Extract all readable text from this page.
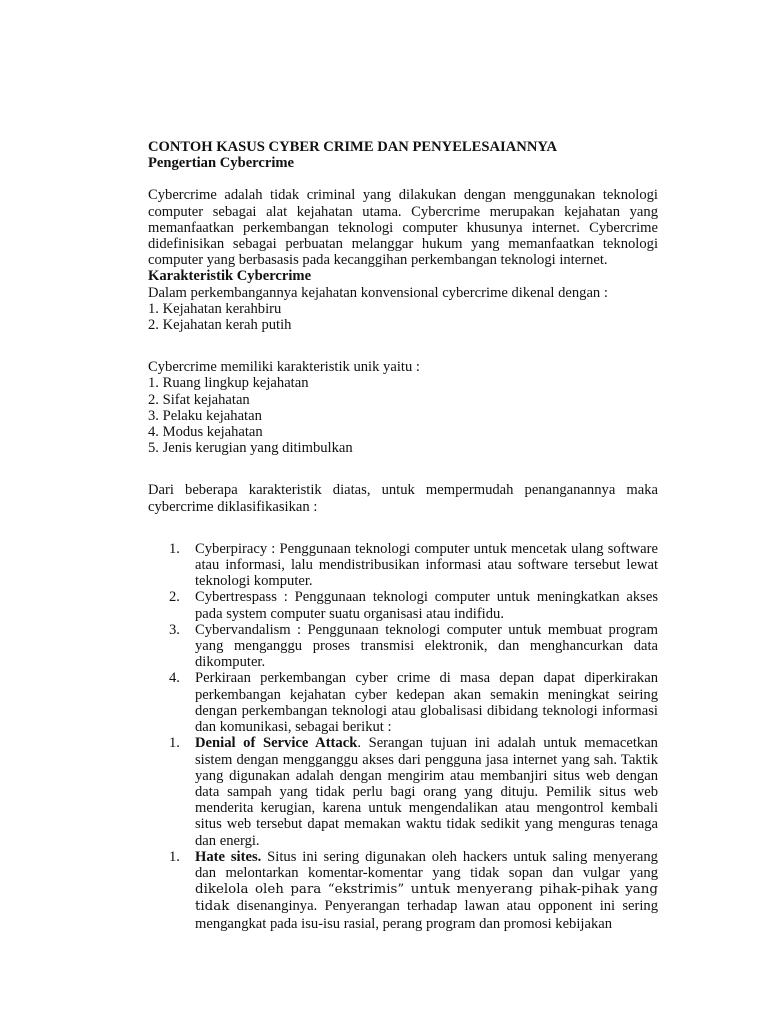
CONTOH KASUS CYBER CRIME DAN PENYELESAIANNYA

Pengertian Cybercrime

Cybercrime adalah tidak criminal yang dilakukan dengan menggunakan teknologi computer sebagai alat kejahatan utama. Cybercrime merupakan kejahatan yang memanfaatkan perkembangan teknologi computer khusunya internet. Cybercrime didefinisikan sebagai perbuatan melanggar hukum yang memanfaatkan teknologi computer yang berbasasis pada kecanggihan perkembangan teknologi internet.

Karakteristik Cybercrime

Dalam perkembangannya kejahatan konvensional cybercrime dikenal dengan :

1. Kejahatan kerahbiru

2. Kejahatan kerah putih

Cybercrime memiliki karakteristik unik yaitu :

1. Ruang lingkup kejahatan

2. Sifat kejahatan

3. Pelaku kejahatan

4. Modus kejahatan

5. Jenis kerugian yang ditimbulkan

Dari beberapa karakteristik diatas, untuk mempermudah penanganannya maka cybercrime diklasifikasikan :

1. Cyberpiracy : Penggunaan teknologi computer untuk mencetak ulang software atau informasi, lalu mendistribusikan informasi atau software tersebut lewat teknologi komputer.
2. Cybertrespass : Penggunaan teknologi computer untuk meningkatkan akses pada system computer suatu organisasi atau indifidu.
3. Cybervandalism : Penggunaan teknologi computer untuk membuat program yang menganggu proses transmisi elektronik, dan menghancurkan data dikomputer.
4. Perkiraan perkembangan cyber crime di masa depan dapat diperkirakan perkembangan kejahatan cyber kedepan akan semakin meningkat seiring dengan perkembangan teknologi atau globalisasi dibidang teknologi informasi dan komunikasi, sebagai berikut :
1. Denial of Service Attack. Serangan tujuan ini adalah untuk memacetkan sistem dengan mengganggu akses dari pengguna jasa internet yang sah. Taktik yang digunakan adalah dengan mengirim atau membanjiri situs web dengan data sampah yang tidak perlu bagi orang yang dituju. Pemilik situs web menderita kerugian, karena untuk mengendalikan atau mengontrol kembali situs web tersebut dapat memakan waktu tidak sedikit yang menguras tenaga dan energi.
1. Hate sites. Situs ini sering digunakan oleh hackers untuk saling menyerang dan melontarkan komentar-komentar yang tidak sopan dan vulgar yang dikelola oleh para “ekstrimis” untuk menyerang pihak-pihak yang tidak disenanginya. Penyerangan terhadap lawan atau opponent ini sering mengangkat pada isu-isu rasial, perang program dan promosi kebijakan
